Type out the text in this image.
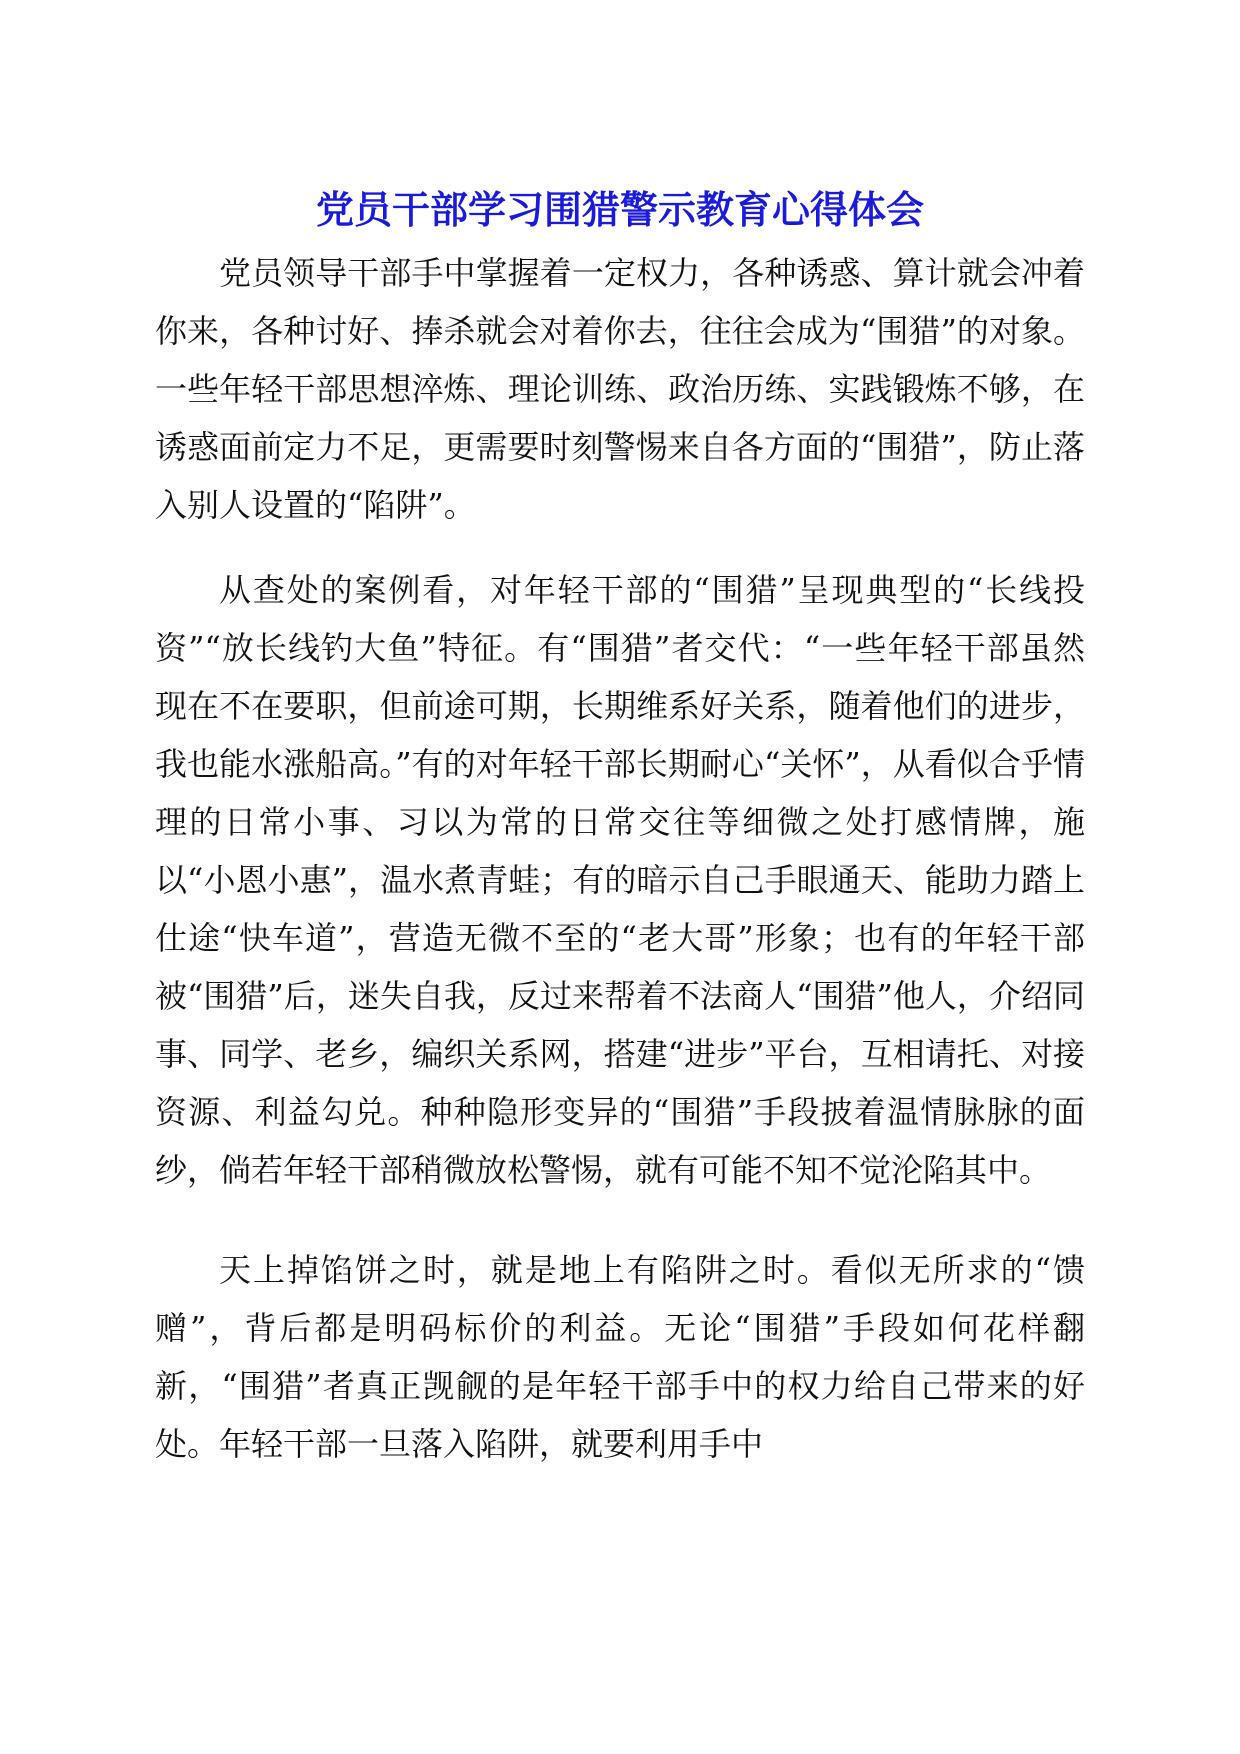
党员干部学习围猎警示教育心得体会

党员领导干部手中掌握着一定权力，各种诱惑、算计就会冲着你来，各种讨好、捧杀就会对着你去，往往会成为“围猎”的对象。一些年轻干部思想淬炼、理论训练、政治历练、实践锻炼不够，在诱惑面前定力不足，更需要时刻警惕来自各方面的“围猎”，防止落入别人设置的“陷阱”。

从查处的案例看，对年轻干部的“围猎”呈现典型的“长线投资”“放长线钓大鱼”特征。有“围猎”者交代：“一些年轻干部虽然现在不在要职，但前途可期，长期维系好关系，随着他们的进步，我也能水涨船高。”有的对年轻干部长期耐心“关怀”，从看似合乎情理的日常小事、习以为常的日常交往等细微之处打感情牌，施以“小恩小惠”，温水煮青蛙；有的暗示自己手眼通天、能助力踏上仕途“快车道”，营造无微不至的“老大哥”形象；也有的年轻干部被“围猎”后，迷失自我，反过来帮着不法商人“围猎”他人，介绍同事、同学、老乡，编织关系网，搭建“进步”平台，互相请托、对接资源、利益勾兑。种种隐形变异的“围猎”手段披着温情脉脉的面纱，倘若年轻干部稍微放松警惕，就有可能不知不觉沦陷其中。

天上掉馅饼之时，就是地上有陷阱之时。看似无所求的“馈赠”，背后都是明码标价的利益。无论“围猎”手段如何花样翻新，“围猎”者真正觊觎的是年轻干部手中的权力给自己带来的好处。年轻干部一旦落入陷阱，就要利用手中
